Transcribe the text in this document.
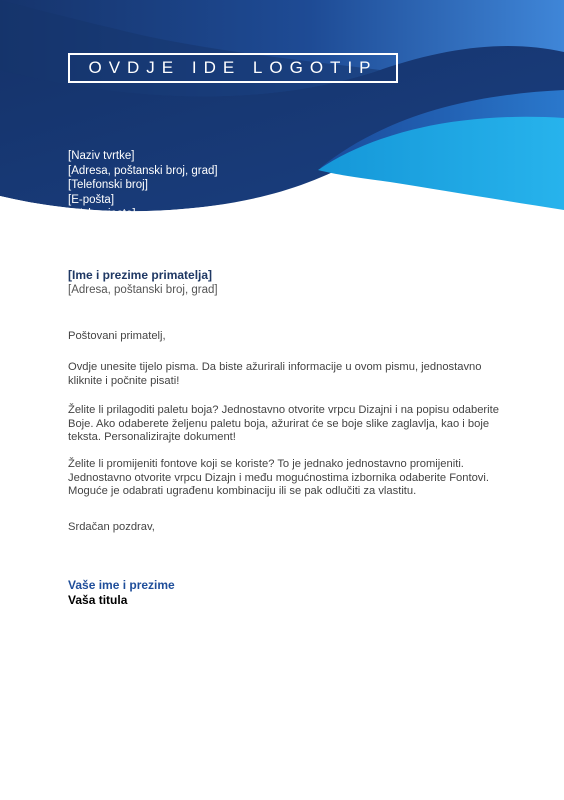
OVDJE IDE LOGOTIP
[Naziv tvrtke]
[Adresa, poštanski broj, grad]
[Telefonski broj]
[E-pošta]
[Web-mjesto]
[Ime i prezime primatelja]
[Adresa, poštanski broj, grad]
Poštovani primatelj,
Ovdje unesite tijelo pisma. Da biste ažurirali informacije u ovom pismu, jednostavno kliknite i počnite pisati!
Želite li prilagoditi paletu boja? Jednostavno otvorite vrpcu Dizajni i na popisu odaberite Boje. Ako odaberete željenu paletu boja, ažurirat će se boje slike zaglavlja, kao i boje teksta. Personalizirajte dokument!
Želite li promijeniti fontove koji se koriste? To je jednako jednostavno promijeniti. Jednostavno otvorite vrpcu Dizajn i među mogućnostima izbornika odaberite Fontovi. Moguće je odabrati ugrađenu kombinaciju ili se pak odlučiti za vlastitu.
Srdačan pozdrav,
Vaše ime i prezime
Vaša titula
